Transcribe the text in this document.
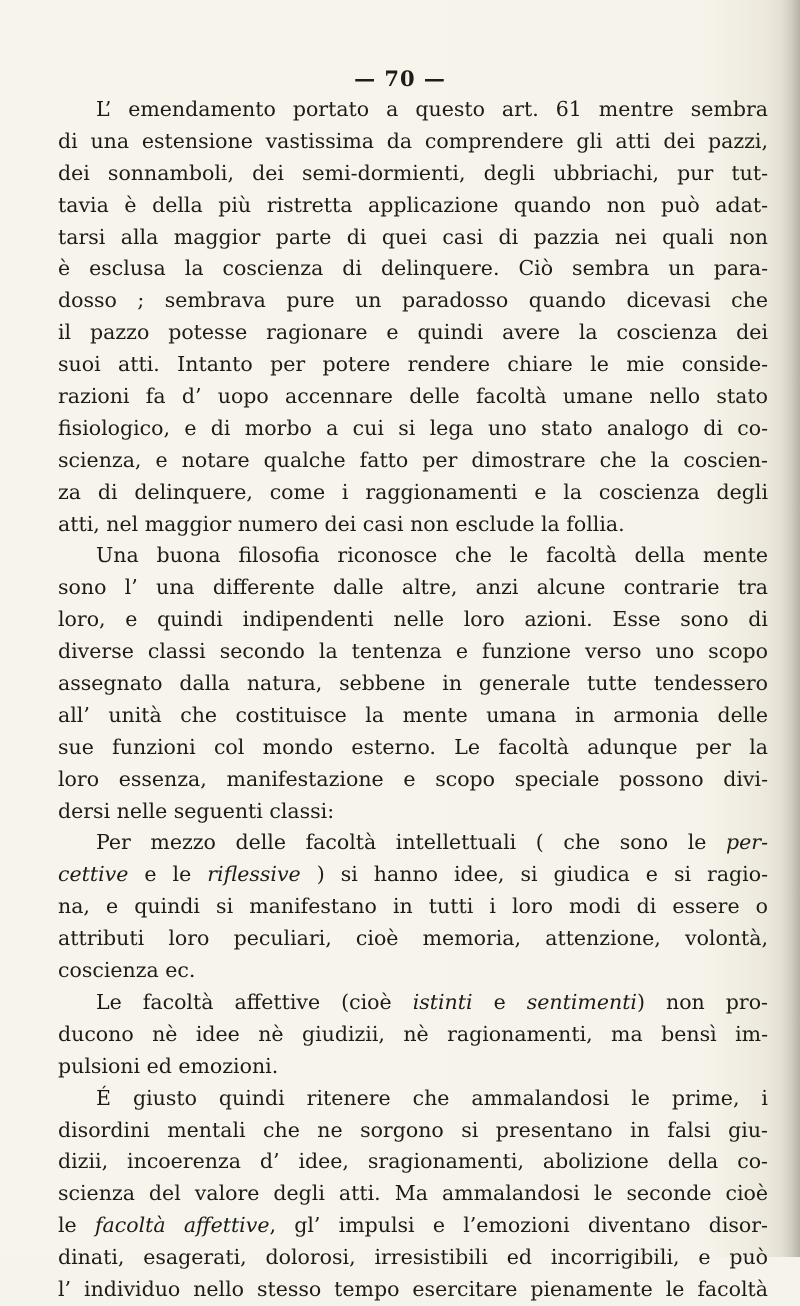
— 70 —
L’ emendamento portato a questo art. 61 mentre sembra
di una estensione vastissima da comprendere gli atti dei pazzi,
dei sonnamboli, dei semi-dormienti, degli ubbriachi, pur tut-
tavia è della più ristretta applicazione quando non può adat-
tarsi alla maggior parte di quei casi di pazzia nei quali non
è esclusa la coscienza di delinquere. Ciò sembra un para-
dosso ; sembrava pure un paradosso quando dicevasi che
il pazzo potesse ragionare e quindi avere la coscienza dei
suoi atti. Intanto per potere rendere chiare le mie conside-
razioni fa d’ uopo accennare delle facoltà umane nello stato
fisiologico, e di morbo a cui si lega uno stato analogo di co-
scienza, e notare qualche fatto per dimostrare che la coscien-
za di delinquere, come i raggionamenti e la coscienza degli
atti, nel maggior numero dei casi non esclude la follia.
Una buona filosofia riconosce che le facoltà della mente
sono l’ una differente dalle altre, anzi alcune contrarie tra
loro, e quindi indipendenti nelle loro azioni. Esse sono di
diverse classi secondo la tentenza e funzione verso uno scopo
assegnato dalla natura, sebbene in generale tutte tendessero
all’ unità che costituisce la mente umana in armonia delle
sue funzioni col mondo esterno. Le facoltà adunque per la
loro essenza, manifestazione e scopo speciale possono divi-
dersi nelle seguenti classi:
Per mezzo delle facoltà intellettuali ( che sono le per-
cettive e le riflessive ) si hanno idee, si giudica e si ragio-
na, e quindi si manifestano in tutti i loro modi di essere o
attributi loro peculiari, cioè memoria, attenzione, volontà,
coscienza ec.
Le facoltà affettive (cioè istinti e sentimenti) non pro-
ducono nè idee nè giudizii, nè ragionamenti, ma bensì im-
pulsioni ed emozioni.
É giusto quindi ritenere che ammalandosi le prime, i
disordini mentali che ne sorgono si presentano in falsi giu-
dizii, incoerenza d’ idee, sragionamenti, abolizione della co-
scienza del valore degli atti. Ma ammalandosi le seconde cioè
le facoltà affettive, gl’ impulsi e l’emozioni diventano disor-
dinati, esagerati, dolorosi, irresistibili ed incorrigibili, e può
l’ individuo nello stesso tempo esercitare pienamente le facoltà
